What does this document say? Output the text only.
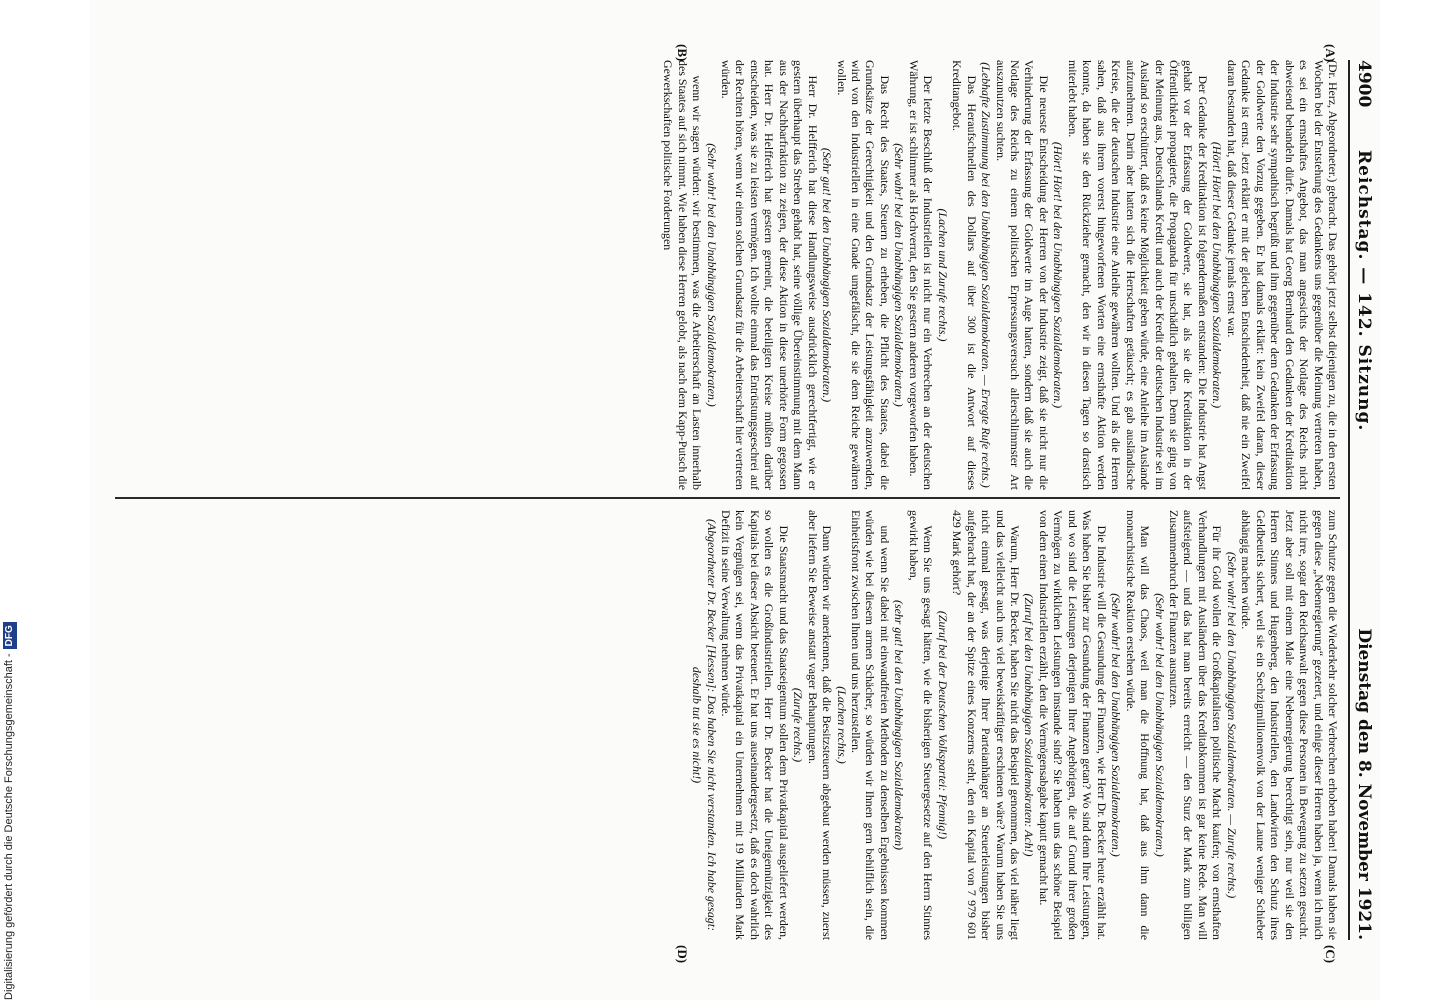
4900
Reichstag. — 142. Sitzung.
Dienstag den 8. November 1921.
(A)
(B)
(C)
(D)

(Dr. Herz, Abgeordneter.) gebracht. Das gehört jetzt selbst diejenigen zu, die in den ersten Wochen bei der Entstehung des Gedankens uns gegenüber die Meinung vertreten haben, es sei ein ernsthaftes Angebot, das man angesichts der Notlage des Reichs nicht abweisend behandeln dürfe. Damals hat Georg Bernhard den Gedanken der Kreditaktion der Industrie sehr sympathisch begrüßt und ihm gegenüber dem Gedanken der Erfassung der Goldwerte den Vorzug gegeben. Er hat damals erklärt: kein Zweifel daran, dieser Gedanke ist ernst. Jetzt erklärt er mit der gleichen Entschiedenheit, daß nie ein Zweifel daran bestanden hat, daß dieser Gedanke jemals ernst war.

(Hört! Hört! bei den Unabhängigen Sozialdemokraten.)

Der Gedanke der Kreditaktion ist folgendermaßen entstanden: Die Industrie hat Angst gehabt vor der Erfassung der Goldwerte, sie hat, als sie die Kreditaktion in der Öffentlichkeit propagierte, die Propaganda für unschädlich gehalten. Denn sie ging von der Meinung aus, Deutschlands Kredit und auch der Kredit der deutschen Industrie sei im Ausland so erschüttert, daß es keine Möglichkeit geben würde, eine Anleihe im Auslande aufzunehmen. Darin aber hatten sich die Herrschaften getäuscht; es gab ausländische Kreise, die der deutschen Industrie eine Anleihe gewähren wollten. Und als die Herren sahen, daß aus ihrem vorerst hingeworfenen Worten eine ernsthafte Aktion werden konnte, da haben sie den Rückzieher gemacht, den wir in diesen Tagen so drastisch miterlebt haben.

(Hört! Hört! bei den Unabhängigen Sozialdemokraten.)

Die neueste Entscheidung der Herren von der Industrie zeigt, daß sie nicht nur die Verhinderung der Erfassung der Goldwerte im Auge hatten, sondern daß sie auch die Notlage des Reichs zu einem politischen Erpressungsversuch allerschlimmster Art auszunutzen suchten.

(Lebhafte Zustimmung bei den Unabhängigen Sozialdemokraten. — Erregte Rufe rechts.)

Das Heraufschnellen des Dollars auf über 300 ist die Antwort auf dieses Kreditangebot.

(Lachen und Zurufe rechts.)

Der letzte Beschluß der Industriellen ist nicht nur ein Verbrechen an der deutschen Währung, er ist schlimmer als Hochverrat, den Sie gestern anderen vorgeworfen haben.

(Sehr wahr! bei den Unabhängigen Sozialdemokraten.)

Das Recht des Staates, Steuern zu erheben, die Pflicht des Staates, dabei die Grundsätze der Gerechtigkeit und den Grundsatz der Leistungsfähigkeit anzuwenden, wird von den Industriellen in eine Gnade umgefälscht, die sie dem Reiche gewähren wollen.

(Sehr gut! bei den Unabhängigen Sozialdemokraten.)

Herr Dr. Helfferich hat diese Handlungsweise ausdrücklich gerechtfertigt, wie er gestern überhaupt das Streben gehabt hat, seine völlige Übereinstimmung mit dem Mann aus der Nachbarfraktion zu zeigen, der diese Aktion in diese unerhörte Form gegossen hat. Herr Dr. Helfferich hat gestern gemeint, die beteiligten Kreise müßten darüber entscheiden, was sie zu leisten vermögen. Ich wollte einmal das Entrüstungsgeschrei auf der Rechten hören, wenn wir einen solchen Grundsatz für die Arbeiterschaft hier vertreten würden.

(Sehr wahr! bei den Unabhängigen Sozialdemokraten.)

wenn wir sagen würden: wir bestimmen, was die Arbeiterschaft an Lasten innerhalb des Staates auf sich nimmt. Wie haben diese Herren gelobt, als nach dem Kapp-Putsch die Gewerkschaften politische Forderungen

zum Schutze gegen die Wiederkehr solcher Verbrechen erhoben haben! Damals haben sie gegen diese „Nebenregierung“ gezetert, und einige dieser Herren haben ja, wenn ich mich nicht irre, sogar den Reichsanwalt gegen diese Personen in Bewegung zu setzen gesucht. Jetzt aber soll mit einem Male eine Nebenregierung berechtigt sein, nur weil sie den Herren Stinnes und Hugenberg, den Industriellen, den Landwirten den Schutz ihres Geldbeutels sichert, weil sie ein Sechzigmillionenvolk von der Laune weniger Schieber abhängig machen würde.

(Sehr wahr! bei den Unabhängigen Sozialdemokraten. — Zurufe rechts.)

Für ihr Gold wollen die Großkapitalisten politische Macht kaufen; von ernsthaften Verhandlungen mit Ausländern über das Kreditabkommen ist gar keine Rede. Man will aufsteigend — und das hat man bereits erreicht — den Sturz der Mark zum billigen Zusammenbruch der Finanzen ausnutzen.

(Sehr wahr! bei den Unabhängigen Sozialdemokraten.)

Man will das Chaos, weil man die Hoffnung hat, daß aus ihm dann die monarchistische Reaktion erstehen würde.

(Sehr wahr! bei den Unabhängigen Sozialdemokraten.)

Die Industrie will die Gesundung der Finanzen, wie Herr Dr. Becker heute erzählt hat. Was haben Sie bisher zur Gesundung der Finanzen getan? Wo sind denn Ihre Leistungen, und wo sind die Leistungen derjenigen Ihrer Angehörigen, die auf Grund ihrer großen Vermögen zu wirklichen Leistungen imstande sind? Sie haben uns das schöne Beispiel von dem einen Industriellen erzählt, den die Vermögensabgabe kaputt gemacht hat.

(Zuruf bei den Unabhängigen Sozialdemokraten: Ach!)

Warum, Herr Dr. Becker, haben Sie nicht das Beispiel genommen, das viel näher liegt und das vielleicht auch uns viel beweiskräftiger erschienen wäre? Warum haben Sie uns nicht einmal gesagt, was derjenige Ihrer Parteianhänger an Steuerleistungen bisher aufgebracht hat, der an der Spitze eines Konzerns steht, den ein Kapital von 7 979 601 429 Mark gehört?

(Zuruf bei der Deutschen Volkspartei: Pfennig!)

Wenn Sie uns gesagt hätten, wie die bisherigen Steuergesetze auf den Herrn Stinnes gewirkt haben,

(sehr gut! bei den Unabhängigen Sozialdemokraten)

und wenn Sie dabei mit einwandfreien Methoden zu denselben Ergebnissen kommen würden wie bei diesem armen Schächer, so würden wir Ihnen gern behilflich sein, die Einheitsfront zwischen Ihnen und uns herzustellen.

(Lachen rechts.)

Dann würden wir anerkennen, daß die Besitzsteuern abgebaut werden müssen, zuerst aber liefern Sie Beweise anstatt vager Behauptungen.

(Zurufe rechts.)

Die Staatsmacht und das Staatseigentum sollen dem Privatkapital ausgeliefert werden, so wollen es die Großindustriellen. Herr Dr. Becker hat die Uneigennützigkeit des Kapitals bei dieser Absicht beteuert. Er hat uns auseinandergesetzt, daß es doch wahrlich kein Vergnügen sei, wenn das Privatkapital ein Unternehmen mit 19 Milliarden Mark Defizit in seine Verwaltung nehmen würde.

(Abgeordneter Dr. Becker [Hessen]: Das haben Sie nicht verstanden. Ich habe gesagt: deshalb tut sie es nicht!)

Digitalisierung gefördert durch die Deutsche Forschungsgemeinschaft -DFG
